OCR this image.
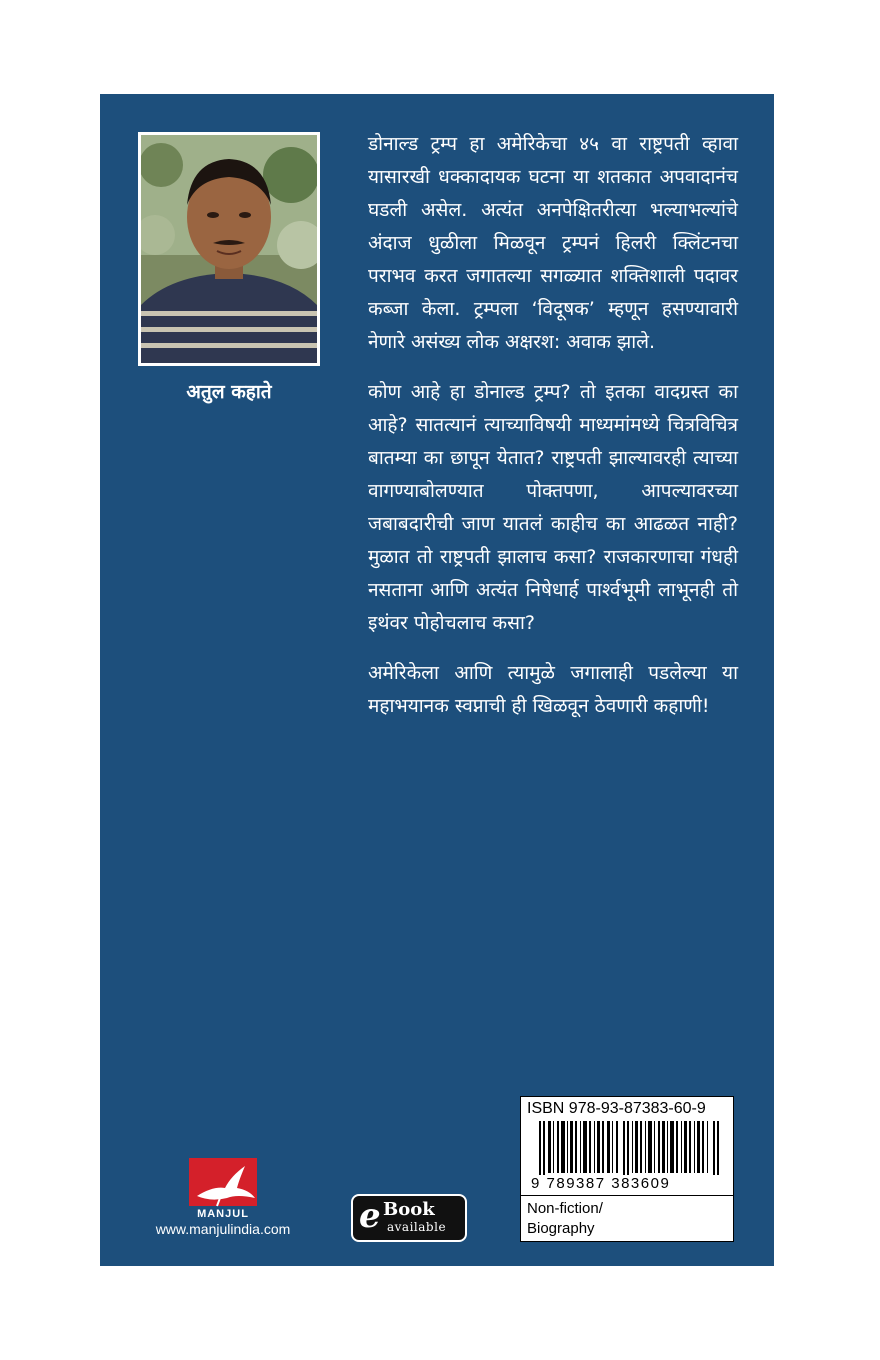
अतुल कहाते

डोनाल्ड ट्रम्प हा अमेरिकेचा ४५ वा राष्ट्रपती व्हावा यासारखी धक्कादायक घटना या शतकात अपवादानंच घडली असेल. अत्यंत अनपेक्षितरीत्या भल्याभल्यांचे अंदाज धुळीला मिळवून ट्रम्पनं हिलरी क्लिंटनचा पराभव करत जगातल्या सगळ्यात शक्तिशाली पदावर कब्जा केला. ट्रम्पला ‘विदूषक’ म्हणून हसण्यावारी नेणारे असंख्य लोक अक्षरश: अवाक झाले.

कोण आहे हा डोनाल्ड ट्रम्प? तो इतका वादग्रस्त का आहे? सातत्यानं त्याच्याविषयी माध्यमांमध्ये चित्रविचित्र बातम्या का छापून येतात? राष्ट्रपती झाल्यावरही त्याच्या वागण्याबोलण्यात पोक्तपणा, आपल्यावरच्या जबाबदारीची जाण यातलं काहीच का आढळत नाही? मुळात तो राष्ट्रपती झालाच कसा? राजकारणाचा गंधही नसताना आणि अत्यंत निषेधार्ह पार्श्वभूमी लाभूनही तो इथंवर पोहोचलाच कसा?

अमेरिकेला आणि त्यामुळे जगालाही पडलेल्या या महाभयानक स्वप्नाची ही खिळवून ठेवणारी कहाणी!

MANJUL
www.manjulindia.com	e Book
available
ISBN 978-93-87383-60-9
9 789387 383609
Non-fiction/
Biography
